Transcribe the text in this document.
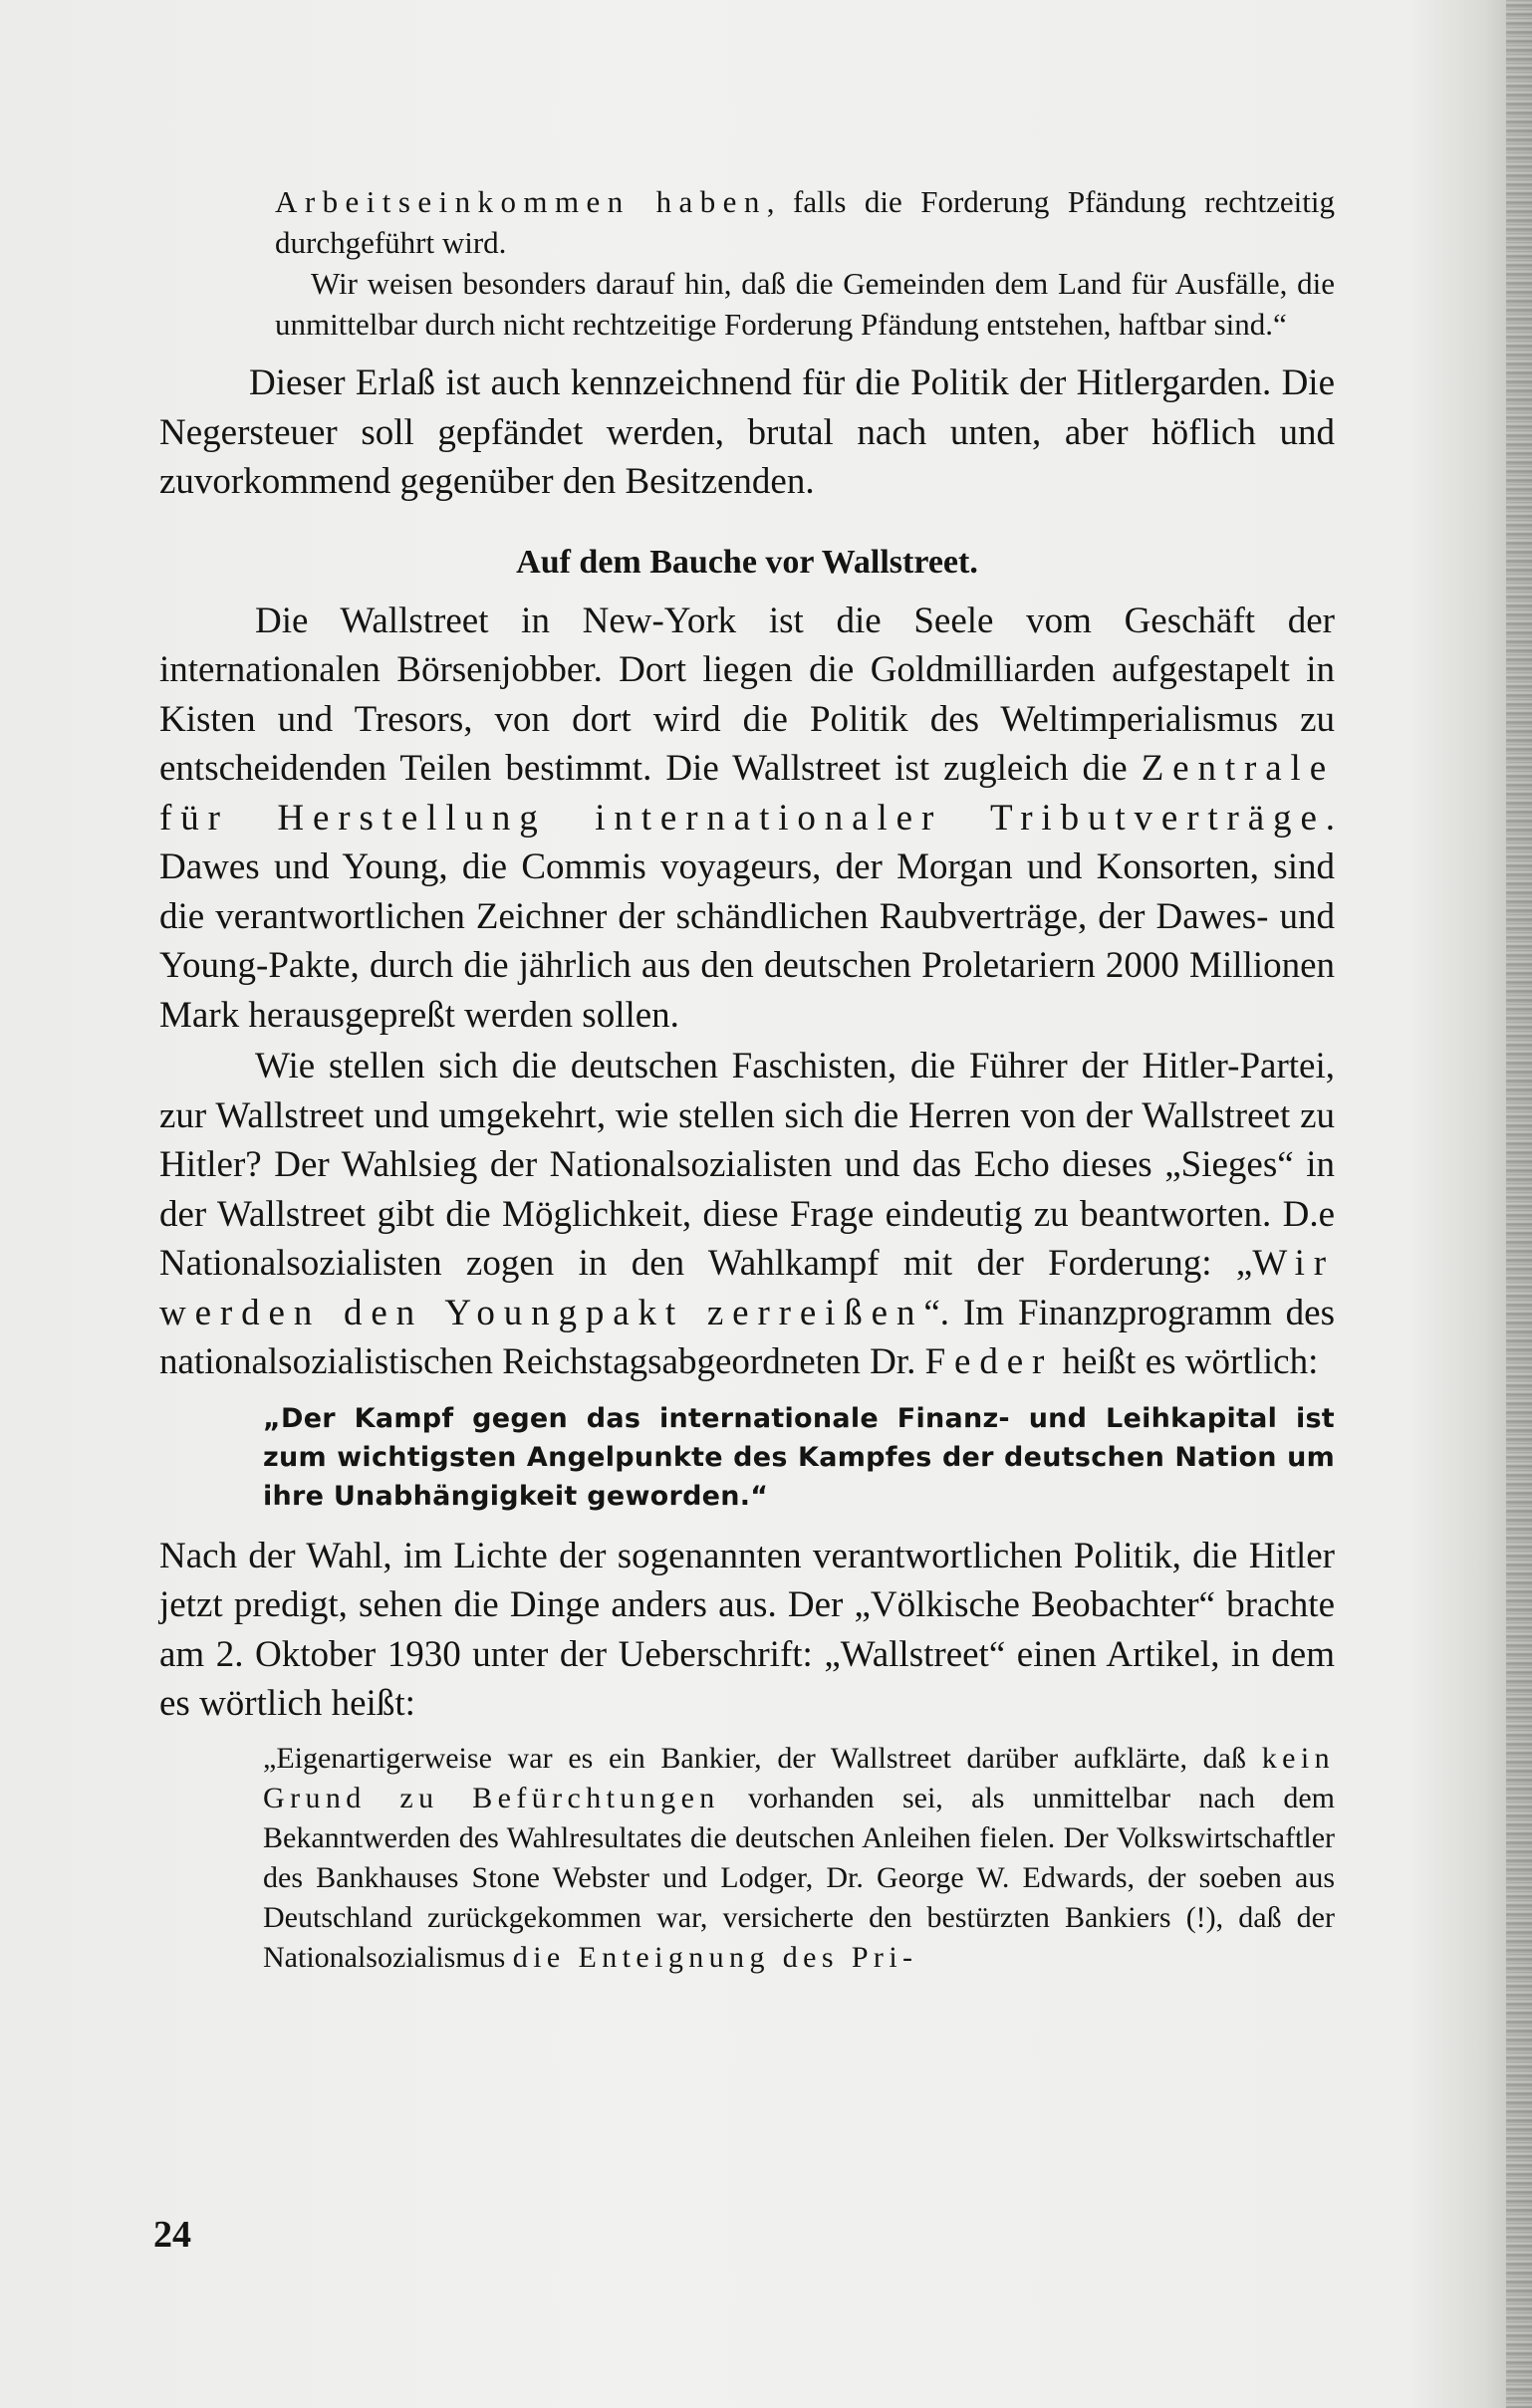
Arbeitseinkommen haben, falls die Forderung Pfändung rechtzeitig durchgeführt wird.

Wir weisen besonders darauf hin, daß die Gemeinden dem Land für Ausfälle, die unmittelbar durch nicht rechtzeitige Forderung Pfändung entstehen, haftbar sind.“

Dieser Erlaß ist auch kennzeichnend für die Politik der Hitlergarden. Die Negersteuer soll gepfändet werden, brutal nach unten, aber höflich und zuvorkommend gegenüber den Besitzenden.

Auf dem Bauche vor Wallstreet.

Die Wallstreet in New-York ist die Seele vom Geschäft der internationalen Börsenjobber. Dort liegen die Goldmilliarden aufgestapelt in Kisten und Tresors, von dort wird die Politik des Weltimperialismus zu entscheidenden Teilen bestimmt. Die Wallstreet ist zugleich die Zentrale für Herstellung internationaler Tributverträge. Dawes und Young, die Commis voyageurs, der Morgan und Konsorten, sind die verantwortlichen Zeichner der schändlichen Raubverträge, der Dawes- und Young-Pakte, durch die jährlich aus den deutschen Proletariern 2000 Millionen Mark herausgepreßt werden sollen.

Wie stellen sich die deutschen Faschisten, die Führer der Hitler-Partei, zur Wallstreet und umgekehrt, wie stellen sich die Herren von der Wallstreet zu Hitler? Der Wahlsieg der Nationalsozialisten und das Echo dieses „Sieges“ in der Wallstreet gibt die Möglichkeit, diese Frage eindeutig zu beantworten. D.e Nationalsozialisten zogen in den Wahlkampf mit der Forderung: „Wir werden den Youngpakt zerreißen“. Im Finanzprogramm des nationalsozialistischen Reichstagsabgeordneten Dr. Feder heißt es wörtlich:

„Der Kampf gegen das internationale Finanz- und Leihkapital ist zum wichtigsten Angelpunkte des Kampfes der deutschen Nation um ihre Unabhängigkeit geworden.“

Nach der Wahl, im Lichte der sogenannten verantwortlichen Politik, die Hitler jetzt predigt, sehen die Dinge anders aus. Der „Völkische Beobachter“ brachte am 2. Oktober 1930 unter der Ueberschrift: „Wallstreet“ einen Artikel, in dem es wörtlich heißt:

„Eigenartigerweise war es ein Bankier, der Wallstreet darüber aufklärte, daß kein Grund zu Befürchtungen vorhanden sei, als unmittelbar nach dem Bekanntwerden des Wahlresultates die deutschen Anleihen fielen. Der Volkswirtschaftler des Bankhauses Stone Webster und Lodger, Dr. George W. Edwards, der soeben aus Deutschland zurückgekommen war, versicherte den bestürzten Bankiers (!), daß der Nationalsozialismus die Enteignung des Pri-

24
